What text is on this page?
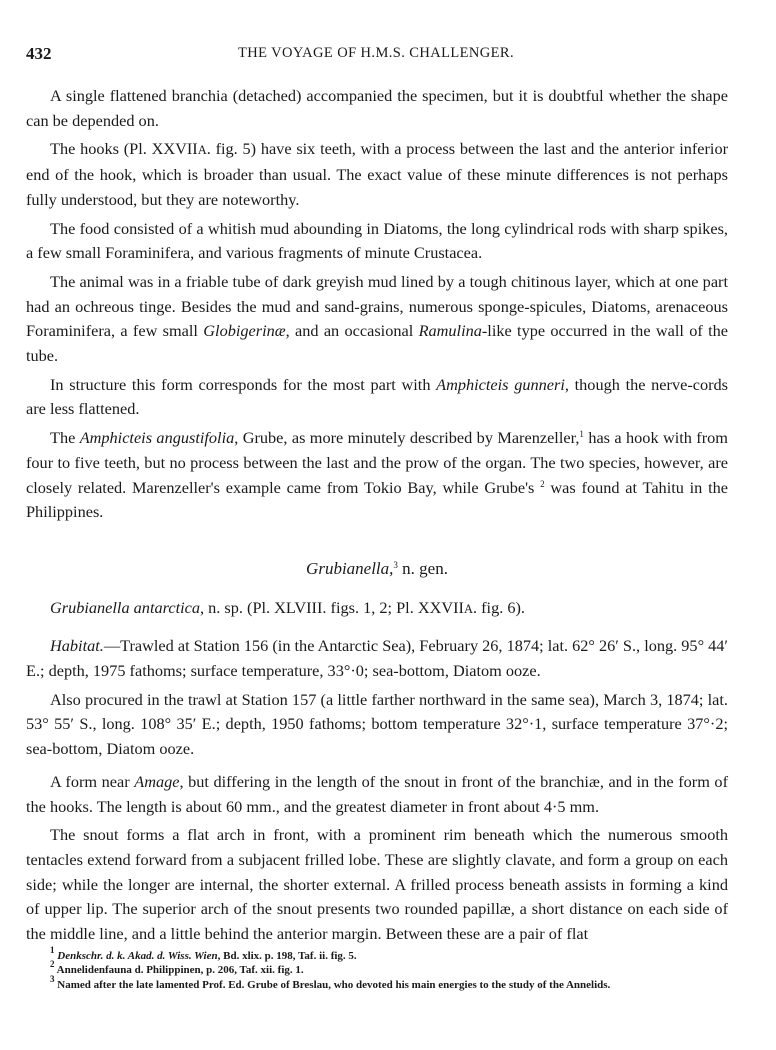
432	THE VOYAGE OF H.M.S. CHALLENGER.

A single flattened branchia (detached) accompanied the specimen, but it is doubtful whether the shape can be depended on.

The hooks (Pl. XXVIIA. fig. 5) have six teeth, with a process between the last and the anterior inferior end of the hook, which is broader than usual. The exact value of these minute differences is not perhaps fully understood, but they are noteworthy.

The food consisted of a whitish mud abounding in Diatoms, the long cylindrical rods with sharp spikes, a few small Foraminifera, and various fragments of minute Crustacea.

The animal was in a friable tube of dark greyish mud lined by a tough chitinous layer, which at one part had an ochreous tinge. Besides the mud and sand-grains, numerous sponge-spicules, Diatoms, arenaceous Foraminifera, a few small Globigerinæ, and an occasional Ramulina-like type occurred in the wall of the tube.

In structure this form corresponds for the most part with Amphicteis gunneri, though the nerve-cords are less flattened.

The Amphicteis angustifolia, Grube, as more minutely described by Marenzeller,$^1$ has a hook with from four to five teeth, but no process between the last and the prow of the organ. The two species, however, are closely related. Marenzeller's example came from Tokio Bay, while Grube's $^2$ was found at Tahitu in the Philippines.

Grubianella,$^3$ n. gen.

Grubianella antarctica, n. sp. (Pl. XLVIII. figs. 1, 2; Pl. XXVIIA. fig. 6).

Habitat.—Trawled at Station 156 (in the Antarctic Sea), February 26, 1874; lat. 62° 26′ S., long. 95° 44′ E.; depth, 1975 fathoms; surface temperature, 33°·0; sea-bottom, Diatom ooze.

Also procured in the trawl at Station 157 (a little farther northward in the same sea), March 3, 1874; lat. 53° 55′ S., long. 108° 35′ E.; depth, 1950 fathoms; bottom temperature 32°·1, surface temperature 37°·2; sea-bottom, Diatom ooze.

A form near Amage, but differing in the length of the snout in front of the branchiæ, and in the form of the hooks. The length is about 60 mm., and the greatest diameter in front about 4·5 mm.

The snout forms a flat arch in front, with a prominent rim beneath which the numerous smooth tentacles extend forward from a subjacent frilled lobe. These are slightly clavate, and form a group on each side; while the longer are internal, the shorter external. A frilled process beneath assists in forming a kind of upper lip. The superior arch of the snout presents two rounded papillæ, a short distance on each side of the middle line, and a little behind the anterior margin. Between these are a pair of flat

$^1$ Denkschr. d. k. Akad. d. Wiss. Wien, Bd. xlix. p. 198, Taf. ii. fig. 5.

$^2$ Annelidenfauna d. Philippinen, p. 206, Taf. xii. fig. 1.

$^3$ Named after the late lamented Prof. Ed. Grube of Breslau, who devoted his main energies to the study of the Annelids.
